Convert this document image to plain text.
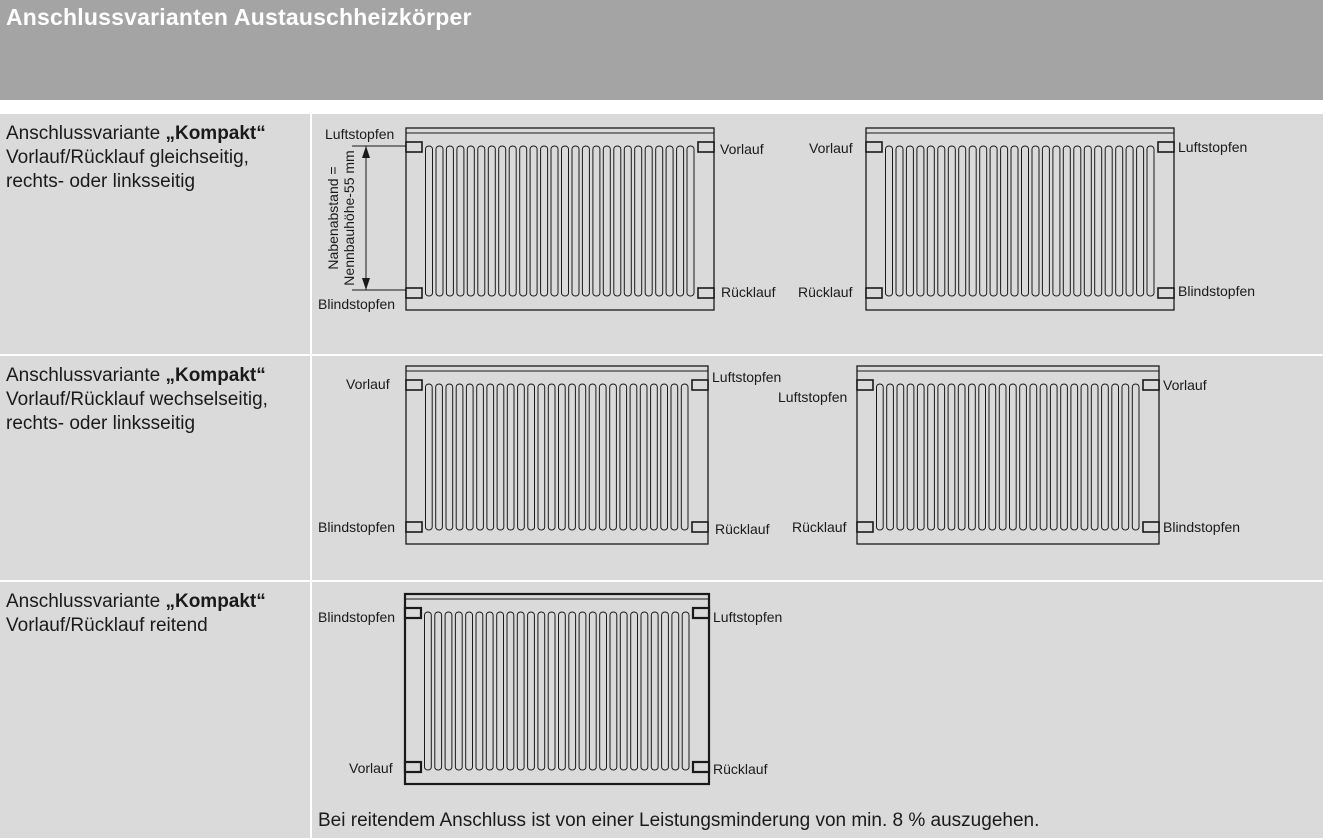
Anschlussvarianten Austauschheizkörper
Anschlussvariante „Kompakt“
Vorlauf/Rücklauf gleichseitig,
rechts- oder linksseitig	Nabenabstand = Nennbauhöhe-55 mm
Luftstopfen
Vorlauf
Blindstopfen
Rücklauf
Vorlauf	Luftstopfen
Rücklauf	Blindstopfen
Anschlussvariante „Kompakt“
Vorlauf/Rücklauf wechselseitig,
rechts- oder linksseitig
Vorlauf	Luftstopfen
Blindstopfen	Rücklauf
Luftstopfen
Vorlauf
Rücklauf	Blindstopfen
Anschlussvariante „Kompakt“
Vorlauf/Rücklauf reitend	Blindstopfen	Luftstopfen
Vorlauf	Rücklauf
Bei reitendem Anschluss ist von einer Leistungsminderung von min. 8 % auszugehen.
